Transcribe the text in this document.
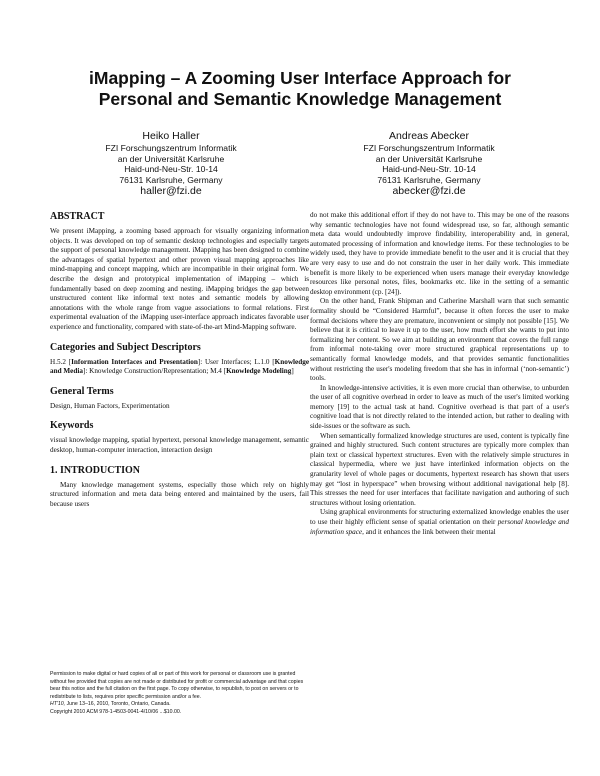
iMapping – A Zooming User Interface Approach for
Personal and Semantic Knowledge Management
Heiko Haller
FZI Forschungszentrum Informatik
an der Universität Karlsruhe
Haid-und-Neu-Str. 10-14
76131 Karlsruhe, Germany
haller@fzi.de
Andreas Abecker
FZI Forschungszentrum Informatik
an der Universität Karlsruhe
Haid-und-Neu-Str. 10-14
76131 Karlsruhe, Germany
abecker@fzi.de
ABSTRACT

We present iMapping, a zooming based approach for visually organizing information objects. It was developed on top of semantic desktop technologies and especially targets the support of personal knowledge management. iMapping has been designed to combine the advantages of spatial hypertext and other proven visual mapping approaches like mind-mapping and concept mapping, which are incompatible in their original form. We describe the design and prototypical implementation of iMapping – which is fundamentally based on deep zooming and nesting. iMapping bridges the gap between unstructured content like informal text notes and semantic models by allowing annotations with the whole range from vague associations to formal relations. First experimental evaluation of the iMapping user-interface approach indicates favorable user experience and functionality, compared with state-of-the-art Mind-Mapping software.

Categories and Subject Descriptors

H.5.2 [Information Interfaces and Presentation]: User Interfaces; L.1.0 [Knowledge and Media]: Knowledge Construction/Representation; M.4 [Knowledge Modeling]

General Terms

Design, Human Factors, Experimentation

Keywords

visual knowledge mapping, spatial hypertext, personal knowledge management, semantic desktop, human-computer interaction, interaction design

1. INTRODUCTION

Many knowledge management systems, especially those which rely on highly structured information and meta data being entered and maintained by the users, fail because users

Permission to make digital or hard copies of all or part of this work for personal or classroom use is granted without fee provided that copies are not made or distributed for profit or commercial advantage and that copies bear this notice and the full citation on the first page. To copy otherwise, to republish, to post on servers or to redistribute to lists, requires prior specific permission and/or a fee.

HT'10, June 13–16, 2010, Toronto, Ontario, Canada.

Copyright 2010 ACM 978-1-4503-0041-4/10/06 ...$10.00.

do not make this additional effort if they do not have to. This may be one of the reasons why semantic technologies have not found widespread use, so far, although semantic meta data would undoubtedly improve findability, interoperability and, in general, automated processing of information and knowledge items. For these technologies to be widely used, they have to provide immediate benefit to the user and it is crucial that they are very easy to use and do not constrain the user in her daily work. This immediate benefit is more likely to be experienced when users manage their everyday knowledge resources like personal notes, files, bookmarks etc. like in the setting of a semantic desktop environment (cp. [24]).

On the other hand, Frank Shipman and Catherine Marshall warn that such semantic formality should be “Considered Harmful”, because it often forces the user to make formal decisions where they are premature, inconvenient or simply not possible [15]. We believe that it is critical to leave it up to the user, how much effort she wants to put into formalizing her content. So we aim at building an environment that covers the full range from informal note-taking over more structured graphical representations up to semantically formal knowledge models, and that provides semantic functionalities without restricting the user's modeling freedom that she has in informal (‘non-semantic’) tools.

In knowledge-intensive activities, it is even more crucial than otherwise, to unburden the user of all cognitive overhead in order to leave as much of the user's limited working memory [19] to the actual task at hand. Cognitive overhead is that part of a user's cognitive load that is not directly related to the intended action, but rather to dealing with side-issues or the software as such.

When semantically formalized knowledge structures are used, content is typically fine grained and highly structured. Such content structures are typically more complex than plain text or classical hypertext structures. Even with the relatively simple structures in classical hypermedia, where we just have interlinked information objects on the granularity level of whole pages or documents, hypertext research has shown that users may get “lost in hyperspace” when browsing without additional navigational help [8]. This stresses the need for user interfaces that facilitate navigation and authoring of such structures without losing orientation.

Using graphical environments for structuring externalized knowledge enables the user to use their highly efficient sense of spatial orientation on their personal knowledge and information space, and it enhances the link between their mental
